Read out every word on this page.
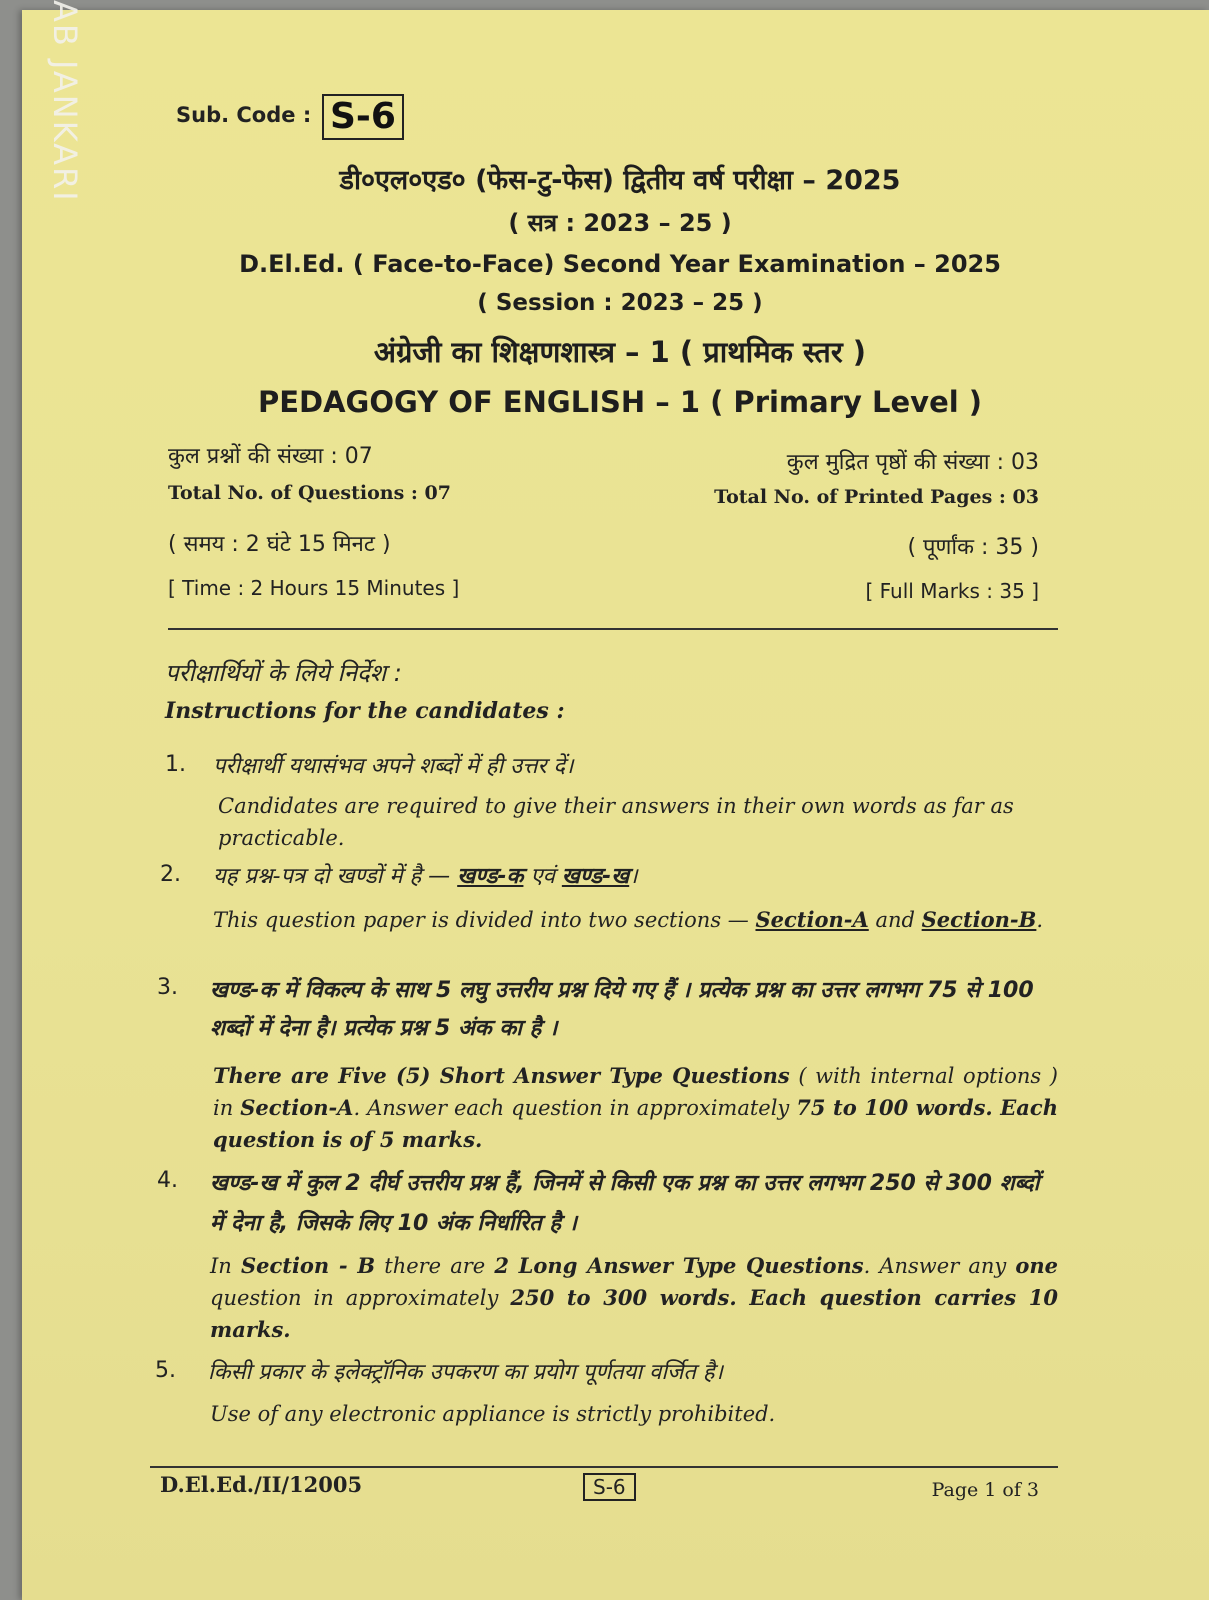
AB JANKARI	Sub. Code : S-6
डी०एल०एड० (फेस-टु-फेस) द्वितीय वर्ष परीक्षा – 2025
( सत्र : 2023 – 25 )
D.El.Ed. ( Face-to-Face) Second Year Examination – 2025
( Session : 2023 – 25 )
अंग्रेजी का शिक्षणशास्त्र – 1 ( प्राथमिक स्तर )
PEDAGOGY OF ENGLISH – 1 ( Primary Level )
कुल प्रश्नों की संख्या : 07
Total No. of Questions : 07
कुल मुद्रित पृष्ठों की संख्या : 03
Total No. of Printed Pages : 03
( समय : 2 घंटे 15 मिनट )
[ Time : 2 Hours 15 Minutes ]
( पूर्णांक : 35 )
[ Full Marks : 35 ]
परीक्षार्थियों के लिये निर्देश :
Instructions for the candidates :
1. परीक्षार्थी यथासंभव अपने शब्दों में ही उत्तर दें।
Candidates are required to give their answers in their own words as far as practicable.
2. यह प्रश्न-पत्र दो खण्डों में है — खण्ड-क एवं खण्ड-ख।
This question paper is divided into two sections — Section-A and Section-B.
3. खण्ड-क में विकल्प के साथ 5 लघु उत्तरीय प्रश्न दिये गए हैं । प्रत्येक प्रश्न का उत्तर लगभग 75 से 100 शब्दों में देना है। प्रत्येक प्रश्न 5 अंक का है ।
There are Five (5) Short Answer Type Questions ( with internal options ) in Section-A. Answer each question in approximately 75 to 100 words. Each question is of 5 marks.
4. खण्ड-ख में कुल 2 दीर्घ उत्तरीय प्रश्न हैं, जिनमें से किसी एक प्रश्न का उत्तर लगभग 250 से 300 शब्दों में देना है, जिसके लिए 10 अंक निर्धारित है ।
In Section - B there are 2 Long Answer Type Questions. Answer any one question in approximately 250 to 300 words. Each question carries 10 marks.
5. किसी प्रकार के इलेक्ट्रॉनिक उपकरण का प्रयोग पूर्णतया वर्जित है।
Use of any electronic appliance is strictly prohibited.
D.El.Ed./II/12005	S-6	Page 1 of 3
